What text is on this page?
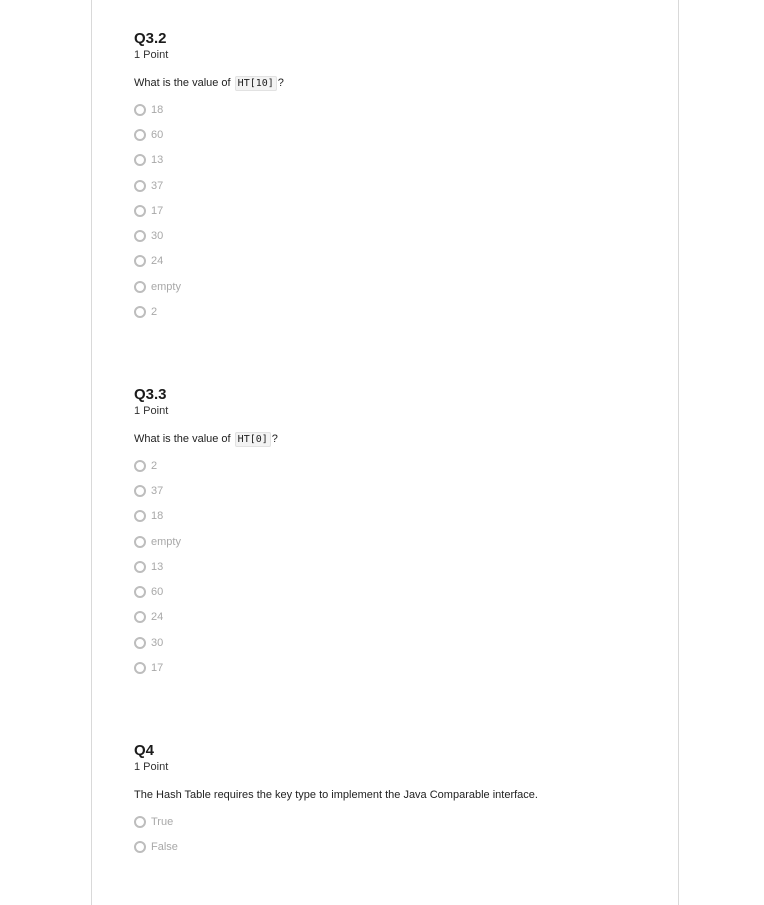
Q3.2
1 Point
What is the value of HT[10] ?
18
60
13
37
17
30
24
empty
2
Q3.3
1 Point
What is the value of HT[0] ?
2
37
18
empty
13
60
24
30
17
Q4
1 Point
The Hash Table requires the key type to implement the Java Comparable interface.
True
False
